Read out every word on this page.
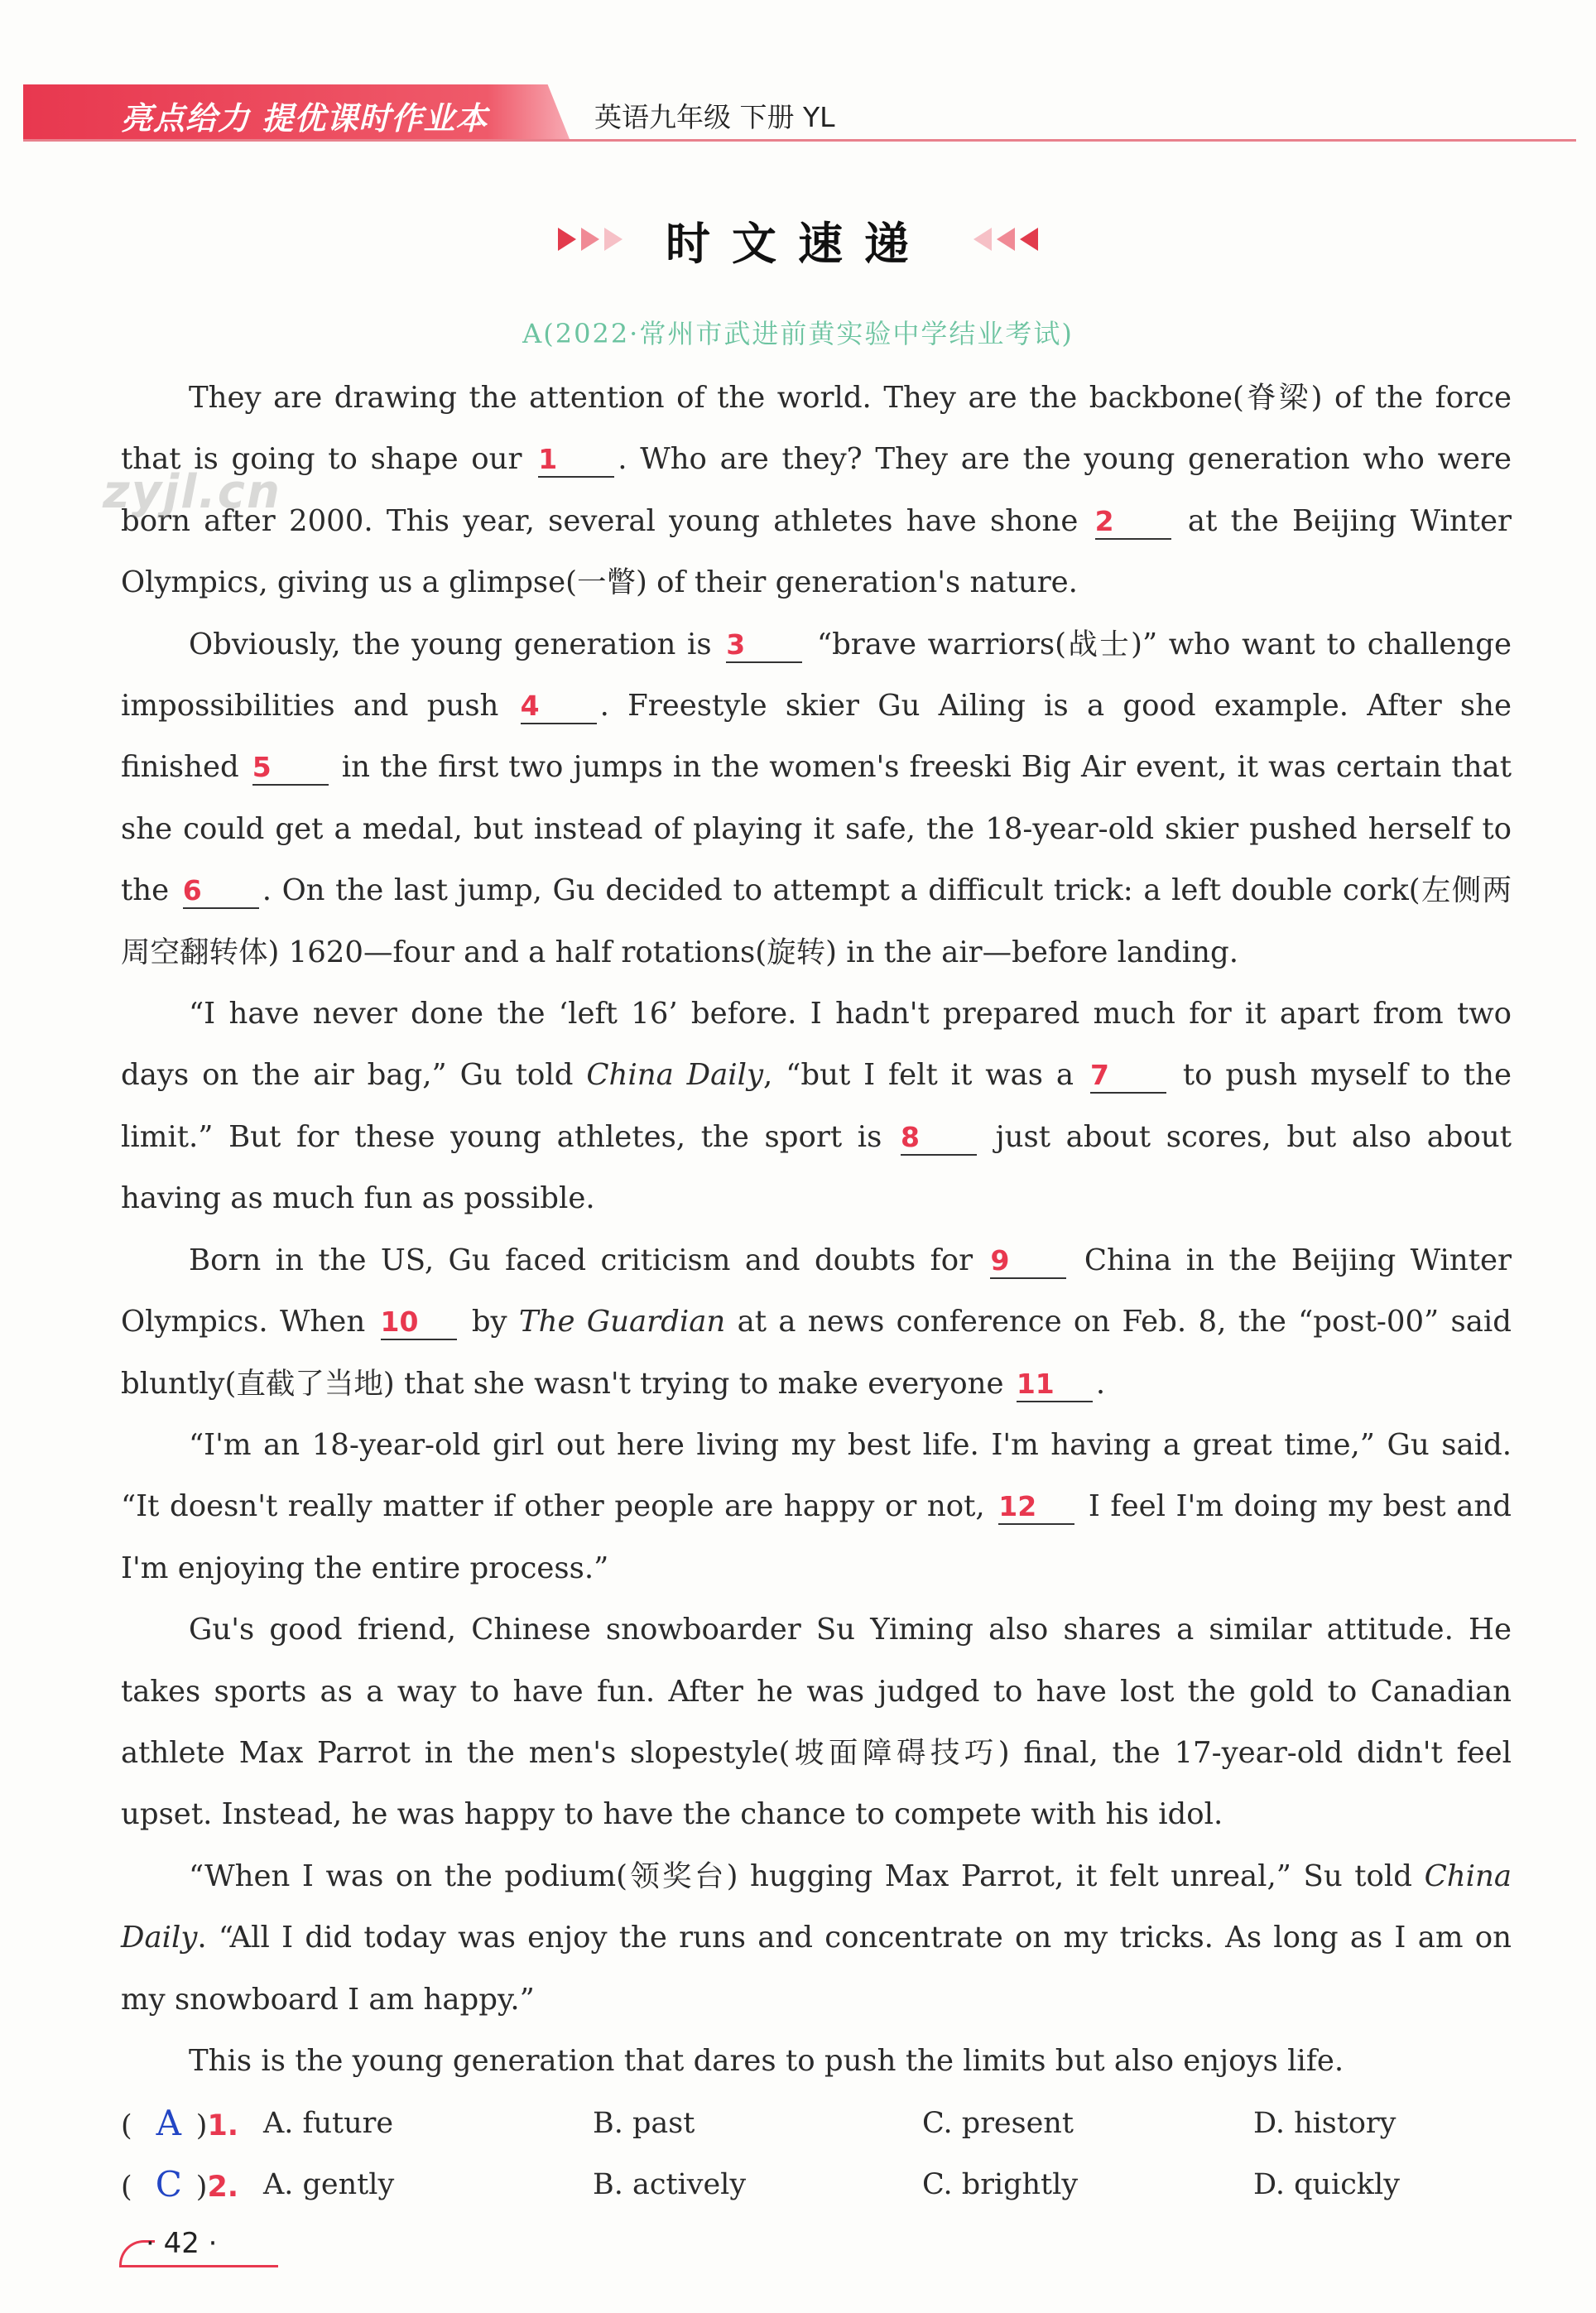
亮点给力 提优课时作业本	英语九年级 下册 YL
时文速递
A(2022·常州市武进前黄实验中学结业考试)

They are drawing the attention of the world. They are the backbone(脊梁) of the force that is going to shape our 1 . Who are they? They are the young generation who were born after 2000. This year, several young athletes have shone 2 at the Beijing Winter Olympics, giving us a glimpse(一瞥) of their generation's nature.

Obviously, the young generation is 3 “brave warriors(战士)” who want to challenge impossibilities and push 4 . Freestyle skier Gu Ailing is a good example. After she finished 5 in the first two jumps in the women's freeski Big Air event, it was certain that she could get a medal, but instead of playing it safe, the 18-year-old skier pushed herself to the 6 . On the last jump, Gu decided to attempt a difficult trick: a left double cork(左侧两周空翻转体) 1620—four and a half rotations(旋转) in the air—before landing.

“I have never done the ‘left 16’ before. I hadn't prepared much for it apart from two days on the air bag,” Gu told China Daily, “but I felt it was a 7 to push myself to the limit.” But for these young athletes, the sport is 8 just about scores, but also about having as much fun as possible.

Born in the US, Gu faced criticism and doubts for 9 China in the Beijing Winter Olympics. When 10 by The Guardian at a news conference on Feb. 8, the “post-00” said bluntly(直截了当地) that she wasn't trying to make everyone 11 .

“I'm an 18-year-old girl out here living my best life. I'm having a great time,” Gu said. “It doesn't really matter if other people are happy or not, 12 I feel I'm doing my best and I'm enjoying the entire process.”

Gu's good friend, Chinese snowboarder Su Yiming also shares a similar attitude. He takes sports as a way to have fun. After he was judged to have lost the gold to Canadian athlete Max Parrot in the men's slopestyle(坡面障碍技巧) final, the 17-year-old didn't feel upset. Instead, he was happy to have the chance to compete with his idol.

“When I was on the podium(领奖台) hugging Max Parrot, it felt unreal,” Su told China Daily. “All I did today was enjoy the runs and concentrate on my tricks. As long as I am on my snowboard I am happy.”

This is the young generation that dares to push the limits but also enjoys life.

zyjl.cn
( A )1. A. future	B. past	C. present	D. history
( C )2. A. gently	B. actively	C. brightly	D. quickly
· 42 ·
